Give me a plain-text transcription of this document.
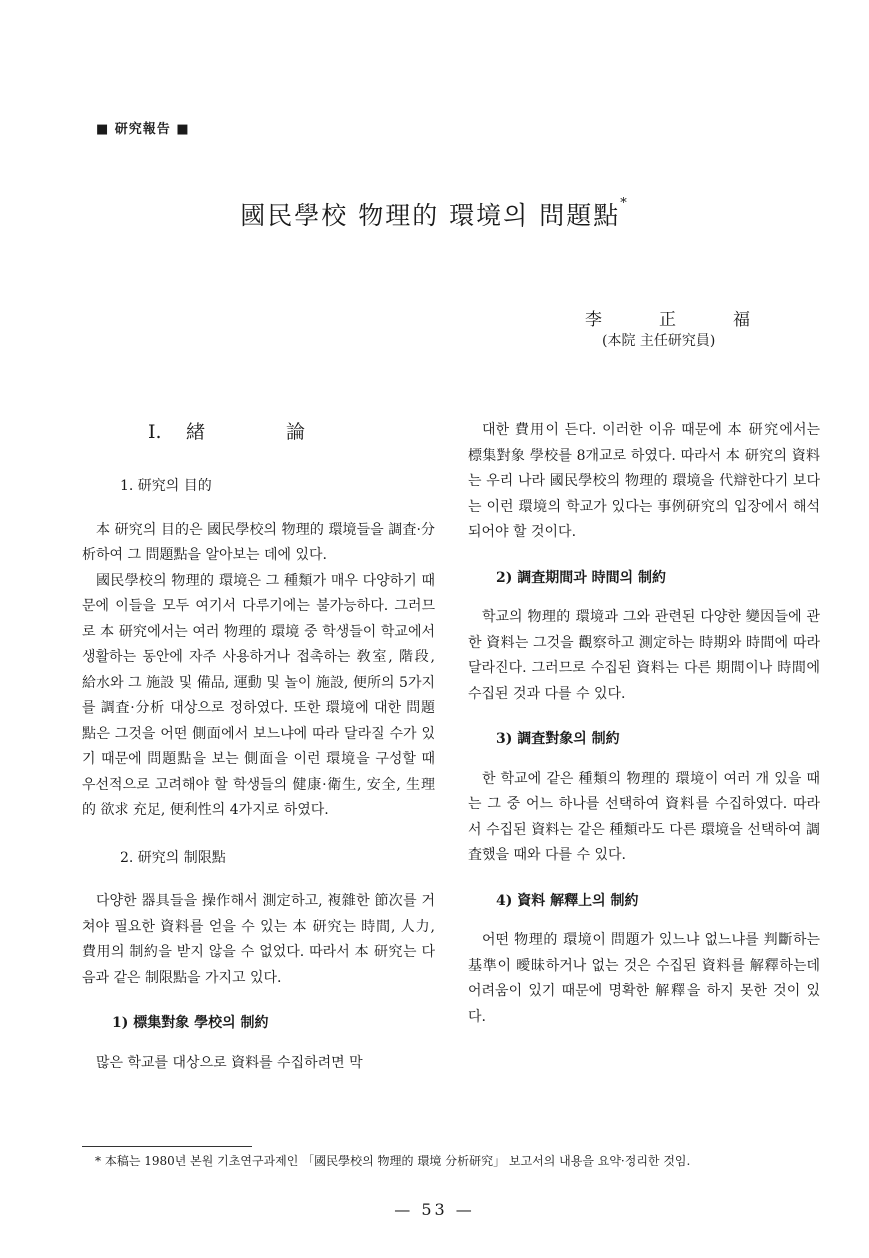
■ 研究報告 ■
國民學校 物理的 環境의 問題點*
李	正	福
(本院 主任研究員)
Ⅰ.	緖	論
1. 研究의 目的

本 研究의 目的은 國民學校의 物理的 環境들을 調査·分析하여 그 問題點을 알아보는 데에 있다.

國民學校의 物理的 環境은 그 種類가 매우 다양하기 때문에 이들을 모두 여기서 다루기에는 불가능하다. 그러므로 本 研究에서는 여러 物理的 環境 중 학생들이 학교에서 생활하는 동안에 자주 사용하거나 접촉하는 敎室, 階段, 給水와 그 施設 및 備品, 運動 및 놀이 施設, 便所의 5가지를 調査·分析 대상으로 정하였다. 또한 環境에 대한 問題點은 그것을 어떤 側面에서 보느냐에 따라 달라질 수가 있기 때문에 問題點을 보는 側面을 이런 環境을 구성할 때 우선적으로 고려해야 할 학생들의 健康·衛生, 安全, 生理的 欲求 充足, 便利性의 4가지로 하였다.

2. 研究의 制限點

다양한 器具들을 操作해서 測定하고, 複雜한 節次를 거쳐야 필요한 資料를 얻을 수 있는 本 研究는 時間, 人力, 費用의 制約을 받지 않을 수 없었다. 따라서 本 研究는 다음과 같은 制限點을 가지고 있다.

1) 標集對象 學校의 制約

많은 학교를 대상으로 資料를 수집하려면 막

대한 費用이 든다. 이러한 이유 때문에 本 研究에서는 標集對象 學校를 8개교로 하였다. 따라서 本 研究의 資料는 우리 나라 國民學校의 物理的 環境을 代辯한다기 보다는 이런 環境의 학교가 있다는 事例研究의 입장에서 해석되어야 할 것이다.

2) 調査期間과 時間의 制約

학교의 物理的 環境과 그와 관련된 다양한 變因들에 관한 資料는 그것을 觀察하고 測定하는 時期와 時間에 따라 달라진다. 그러므로 수집된 資料는 다른 期間이나 時間에 수집된 것과 다를 수 있다.

3) 調査對象의 制約

한 학교에 같은 種類의 物理的 環境이 여러 개 있을 때는 그 중 어느 하나를 선택하여 資料를 수집하였다. 따라서 수집된 資料는 같은 種類라도 다른 環境을 선택하여 調査했을 때와 다를 수 있다.

4) 資料 解釋上의 制約

어떤 物理的 環境이 問題가 있느냐 없느냐를 判斷하는 基準이 曖昧하거나 없는 것은 수집된 資料를 解釋하는데 어려움이 있기 때문에 명확한 解釋을 하지 못한 것이 있다.

* 本稿는 1980년 본원 기초연구과제인 「國民學校의 物理的 環境 分析研究」 보고서의 내용을 요약·정리한 것임.
— 53 —
